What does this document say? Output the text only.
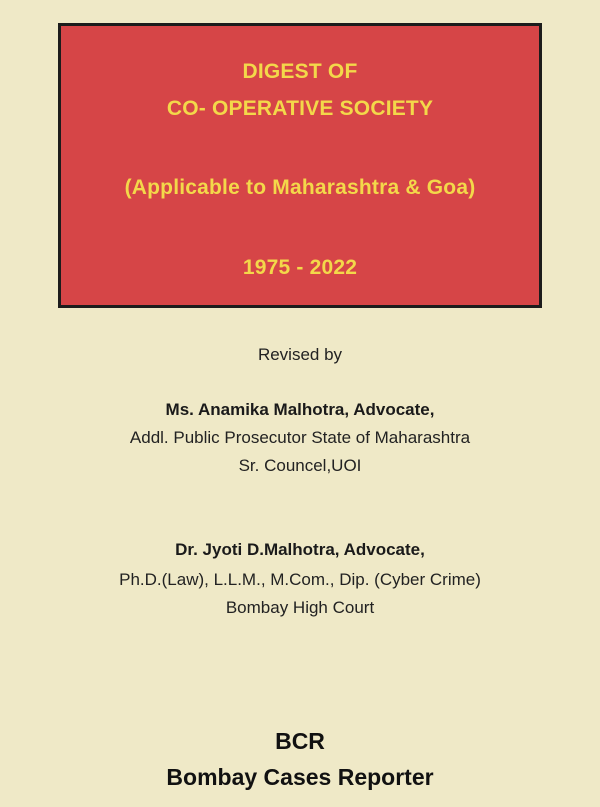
DIGEST OF
CO- OPERATIVE SOCIETY
(Applicable to Maharashtra & Goa)
1975 - 2022
Revised by
Ms. Anamika Malhotra, Advocate,
Addl. Public Prosecutor State of Maharashtra
Sr. Councel,UOI
Dr. Jyoti D.Malhotra, Advocate,
Ph.D.(Law), L.L.M., M.Com., Dip. (Cyber Crime)
Bombay High Court
BCR
Bombay Cases Reporter
